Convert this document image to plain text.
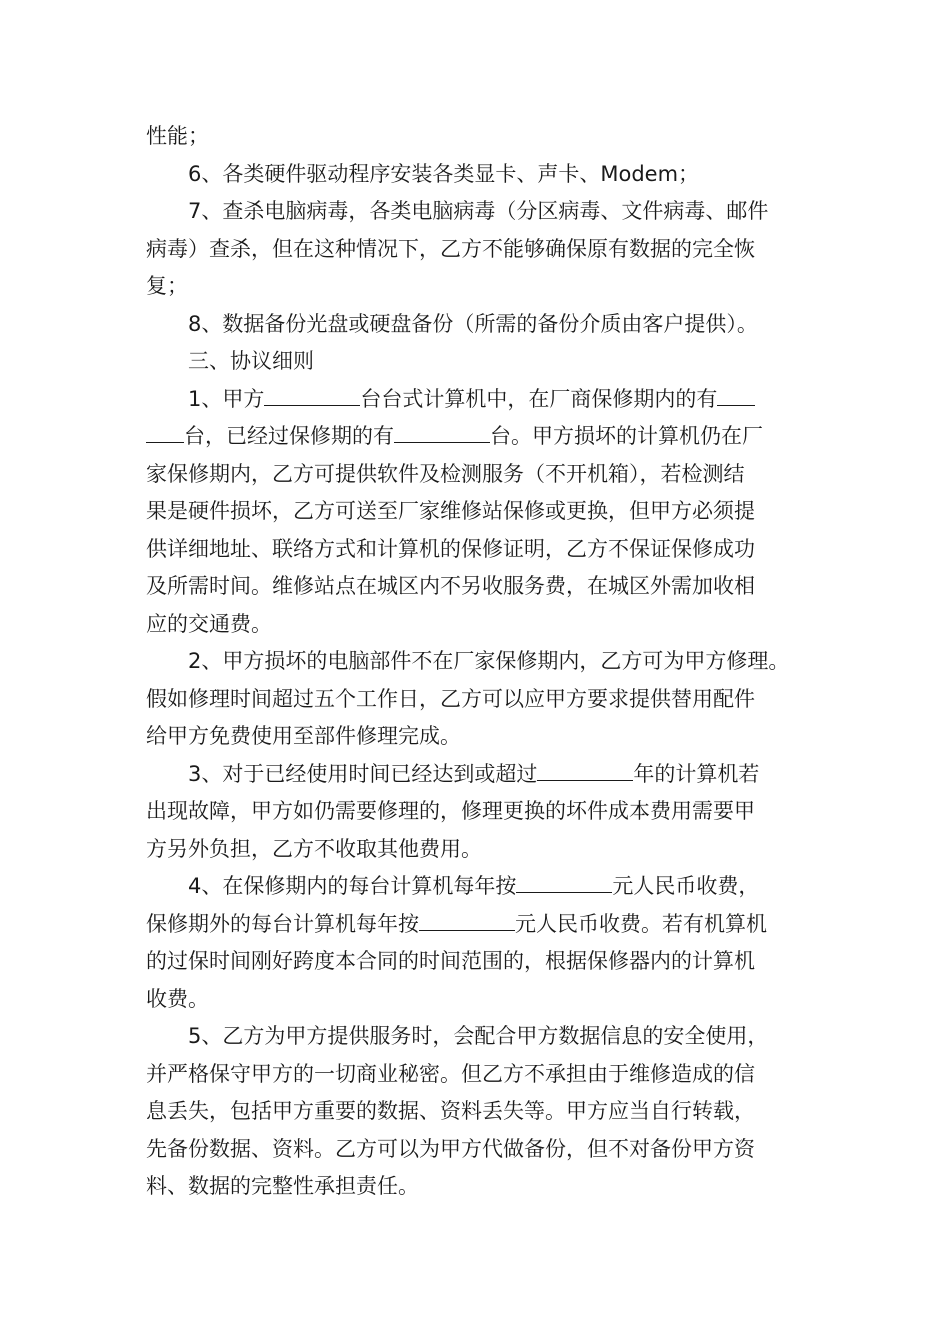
性能；
6、各类硬件驱动程序安装各类显卡、声卡、Modem；
7、查杀电脑病毒，各类电脑病毒（分区病毒、文件病毒、邮件
病毒）查杀，但在这种情况下，乙方不能够确保原有数据的完全恢
复；
8、数据备份光盘或硬盘备份（所需的备份介质由客户提供）。
三、协议细则
1、甲方	台台式计算机中，在厂商保修期内的有
台，已经过保修期的有	台。甲方损坏的计算机仍在厂
家保修期内，乙方可提供软件及检测服务（不开机箱），若检测结
果是硬件损坏，乙方可送至厂家维修站保修或更换，但甲方必须提
供详细地址、联络方式和计算机的保修证明，乙方不保证保修成功
及所需时间。维修站点在城区内不另收服务费，在城区外需加收相
应的交通费。
2、甲方损坏的电脑部件不在厂家保修期内，乙方可为甲方修理。
假如修理时间超过五个工作日，乙方可以应甲方要求提供替用配件
给甲方免费使用至部件修理完成。
3、对于已经使用时间已经达到或超过	年的计算机若
出现故障，甲方如仍需要修理的，修理更换的坏件成本费用需要甲
方另外负担，乙方不收取其他费用。
4、在保修期内的每台计算机每年按	元人民币收费，
保修期外的每台计算机每年按	元人民币收费。若有机算机
的过保时间刚好跨度本合同的时间范围的，根据保修器内的计算机
收费。
5、乙方为甲方提供服务时，会配合甲方数据信息的安全使用，
并严格保守甲方的一切商业秘密。但乙方不承担由于维修造成的信
息丢失，包括甲方重要的数据、资料丢失等。甲方应当自行转载，
先备份数据、资料。乙方可以为甲方代做备份，但不对备份甲方资
料、数据的完整性承担责任。
